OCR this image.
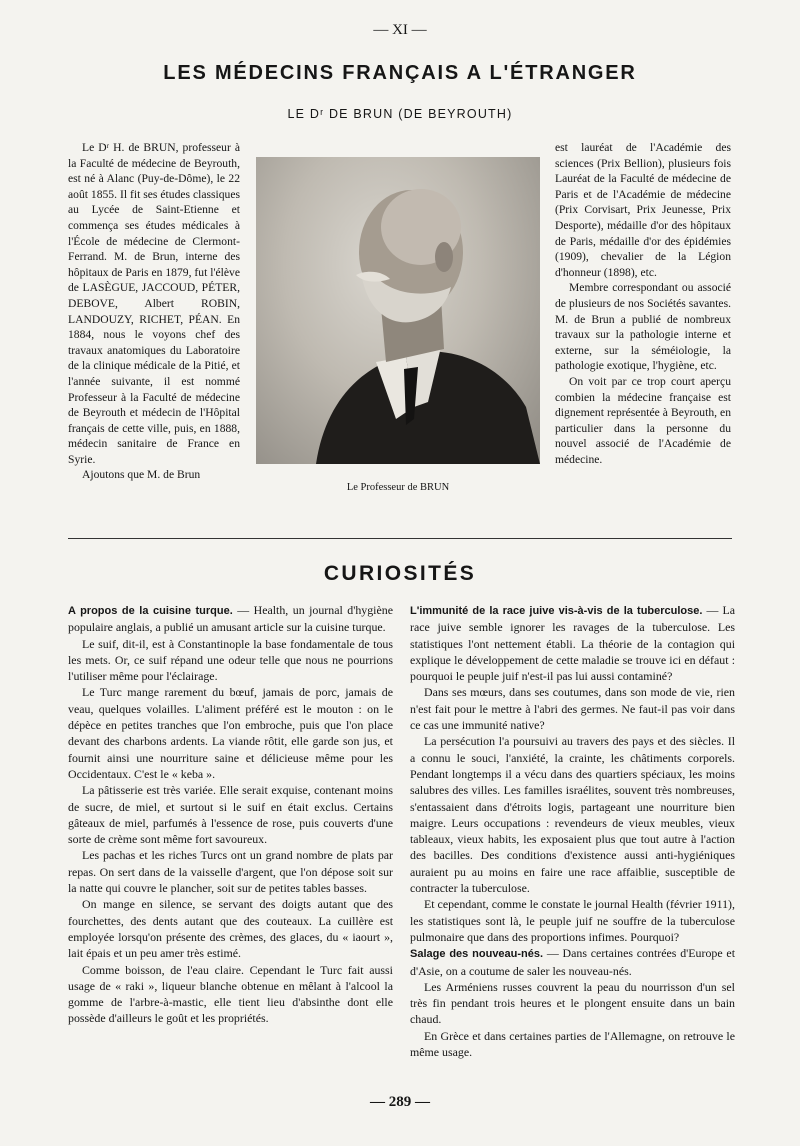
— XI —
LES MÉDECINS FRANÇAIS A L'ÉTRANGER
LE Dʳ DE BRUN (DE BEYROUTH)

Le Dʳ H. de BRUN, professeur à la Faculté de médecine de Beyrouth, est né à Alanc (Puy-de-Dôme), le 22 août 1855. Il fit ses études classiques au Lycée de Saint-Etienne et commença ses études médicales à l'École de médecine de Clermont-Ferrand. M. de Brun, interne des hôpitaux de Paris en 1879, fut l'élève de LASÈGUE, JACCOUD, PÉTER, DEBOVE, Albert ROBIN, LANDOUZY, RICHET, PÉAN. En 1884, nous le voyons chef des travaux anatomiques du Laboratoire de la clinique médicale de la Pitié, et l'année suivante, il est nommé Professeur à la Faculté de médecine de Beyrouth et médecin de l'Hôpital français de cette ville, puis, en 1888, médecin sanitaire de France en Syrie.

Ajoutons que M. de Brun

Le Professeur de BRUN

est lauréat de l'Académie des sciences (Prix Bellion), plusieurs fois Lauréat de la Faculté de médecine de Paris et de l'Académie de médecine (Prix Corvisart, Prix Jeunesse, Prix Desporte), médaille d'or des hôpitaux de Paris, médaille d'or des épidémies (1909), chevalier de la Légion d'honneur (1898), etc.

Membre correspondant ou associé de plusieurs de nos Sociétés savantes. M. de Brun a publié de nombreux travaux sur la pathologie interne et externe, sur la séméiologie, la pathologie exotique, l'hygiène, etc.

On voit par ce trop court aperçu combien la médecine française est dignement représentée à Beyrouth, en particulier dans la personne du nouvel associé de l'Académie de médecine.

CURIOSITÉS

A propos de la cuisine turque. — Health, un journal d'hygiène populaire anglais, a publié un amusant article sur la cuisine turque.

Le suif, dit-il, est à Constantinople la base fondamentale de tous les mets. Or, ce suif répand une odeur telle que nous ne pourrions l'utiliser même pour l'éclairage.

Le Turc mange rarement du bœuf, jamais de porc, jamais de veau, quelques volailles. L'aliment préféré est le mouton : on le dépèce en petites tranches que l'on embroche, puis que l'on place devant des charbons ardents. La viande rôtit, elle garde son jus, et fournit ainsi une nourriture saine et délicieuse même pour les Occidentaux. C'est le « keba ».

La pâtisserie est très variée. Elle serait exquise, contenant moins de sucre, de miel, et surtout si le suif en était exclus. Certains gâteaux de miel, parfumés à l'essence de rose, puis couverts d'une sorte de crème sont même fort savoureux.

Les pachas et les riches Turcs ont un grand nombre de plats par repas. On sert dans de la vaisselle d'argent, que l'on dépose soit sur la natte qui couvre le plancher, soit sur de petites tables basses.

On mange en silence, se servant des doigts autant que des fourchettes, des dents autant que des couteaux. La cuillère est employée lorsqu'on présente des crèmes, des glaces, du « iaourt », lait épais et un peu amer très estimé.

Comme boisson, de l'eau claire. Cependant le Turc fait aussi usage de « raki », liqueur blanche obtenue en mêlant à l'alcool la gomme de l'arbre-à-mastic, elle tient lieu d'absinthe dont elle possède d'ailleurs le goût et les propriétés.

L'immunité de la race juive vis-à-vis de la tuberculose. — La race juive semble ignorer les ravages de la tuberculose. Les statistiques l'ont nettement établi. La théorie de la contagion qui explique le développement de cette maladie se trouve ici en défaut : pourquoi le peuple juif n'est-il pas lui aussi contaminé?

Dans ses mœurs, dans ses coutumes, dans son mode de vie, rien n'est fait pour le mettre à l'abri des germes. Ne faut-il pas voir dans ce cas une immunité native?

La persécution l'a poursuivi au travers des pays et des siècles. Il a connu le souci, l'anxiété, la crainte, les châtiments corporels. Pendant longtemps il a vécu dans des quartiers spéciaux, les moins salubres des villes. Les familles israélites, souvent très nombreuses, s'entassaient dans d'étroits logis, partageant une nourriture bien maigre. Leurs occupations : revendeurs de vieux meubles, vieux tableaux, vieux habits, les exposaient plus que tout autre à l'action des bacilles. Des conditions d'existence aussi anti-hygiéniques auraient pu au moins en faire une race affaiblie, susceptible de contracter la tuberculose.

Et cependant, comme le constate le journal Health (février 1911), les statistiques sont là, le peuple juif ne souffre de la tuberculose pulmonaire que dans des proportions infimes. Pourquoi?

Salage des nouveau-nés. — Dans certaines contrées d'Europe et d'Asie, on a coutume de saler les nouveau-nés.

Les Arméniens russes couvrent la peau du nourrisson d'un sel très fin pendant trois heures et le plongent ensuite dans un bain chaud.

En Grèce et dans certaines parties de l'Allemagne, on retrouve le même usage.

— 289 —
